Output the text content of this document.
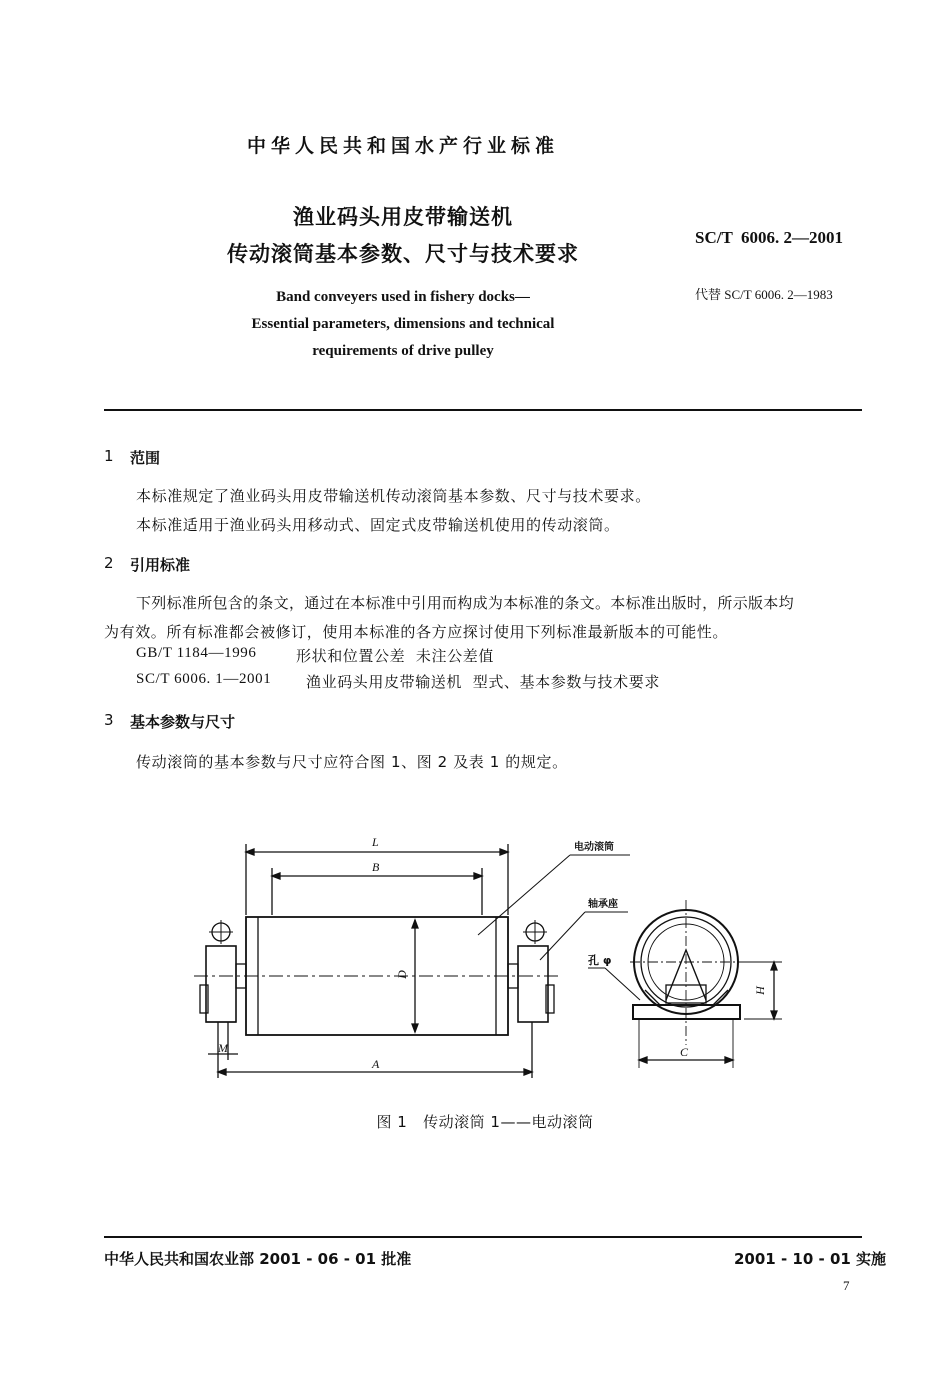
中华人民共和国水产行业标准
渔业码头用皮带输送机
传动滚筒基本参数、尺寸与技术要求
SC/T  6006. 2—2001
代替 SC/T 6006. 2—1983
Band conveyers used in fishery docks—
Essential parameters, dimensions and technical
requirements of drive pulley
1 范围
本标准规定了渔业码头用皮带输送机传动滚筒基本参数、尺寸与技术要求。
本标准适用于渔业码头用移动式、固定式皮带输送机使用的传动滚筒。
2 引用标准
下列标准所包含的条文，通过在本标准中引用而构成为本标准的条文。本标准出版时，所示版本均
为有效。所有标准都会被修订，使用本标准的各方应探讨使用下列标准最新版本的可能性。
GB/T 1184—1996	形状和位置公差  未注公差值
SC/T 6006. 1—2001 渔业码头用皮带输送机  型式、基本参数与技术要求
3 基本参数与尺寸
传动滚筒的基本参数与尺寸应符合图 1、图 2 及表 1 的规定。
L
B
D
A
M
H
C
电动滚筒
轴承座
孔 φ
图 1   传动滚筒 1——电动滚筒
中华人民共和国农业部 2001 - 06 - 01 批准	2001 - 10 - 01 实施
7
